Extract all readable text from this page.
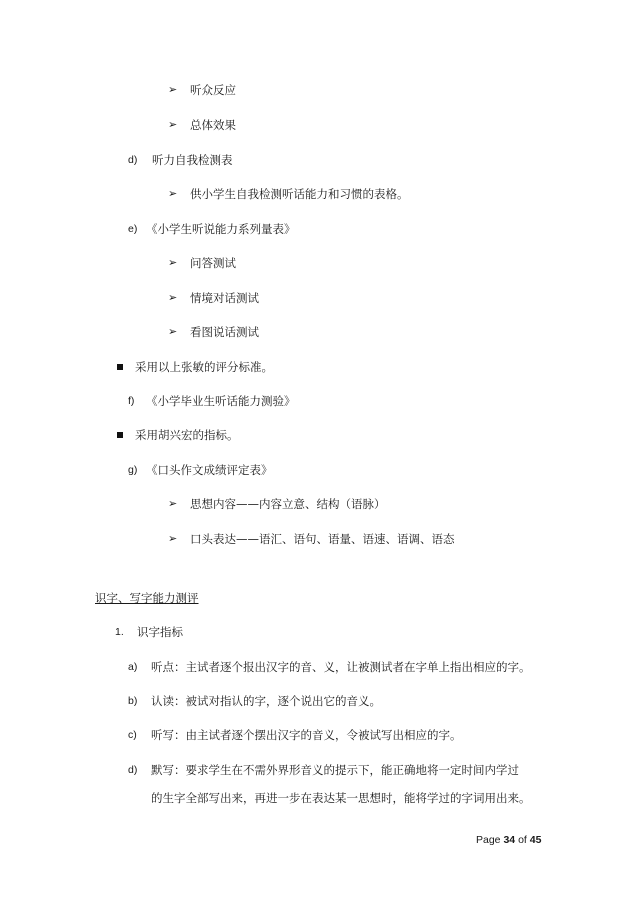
➢ 听众反应
➢ 总体效果
d) 听力自我检测表
➢ 供小学生自我检测听话能力和习惯的表格。
e) 《小学生听说能力系列量表》
➢ 问答测试
➢ 情境对话测试
➢ 看图说话测试
采用以上张敏的评分标准。
f) 《小学毕业生听话能力测验》
采用胡兴宏的指标。
g) 《口头作文成绩评定表》
➢ 思想内容——内容立意、结构（语脉）
➢ 口头表达——语汇、语句、语量、语速、语调、语态
识字、写字能力测评
1. 识字指标
a) 听点：主试者逐个报出汉字的音、义，让被测试者在字单上指出相应的字。
b) 认读：被试对指认的字，逐个说出它的音义。
c) 听写：由主试者逐个摆出汉字的音义，令被试写出相应的字。
d) 默写：要求学生在不需外界形音义的提示下，能正确地将一定时间内学过
的生字全部写出来，再进一步在表达某一思想时，能将学过的字词用出来。
Page 34 of 45
